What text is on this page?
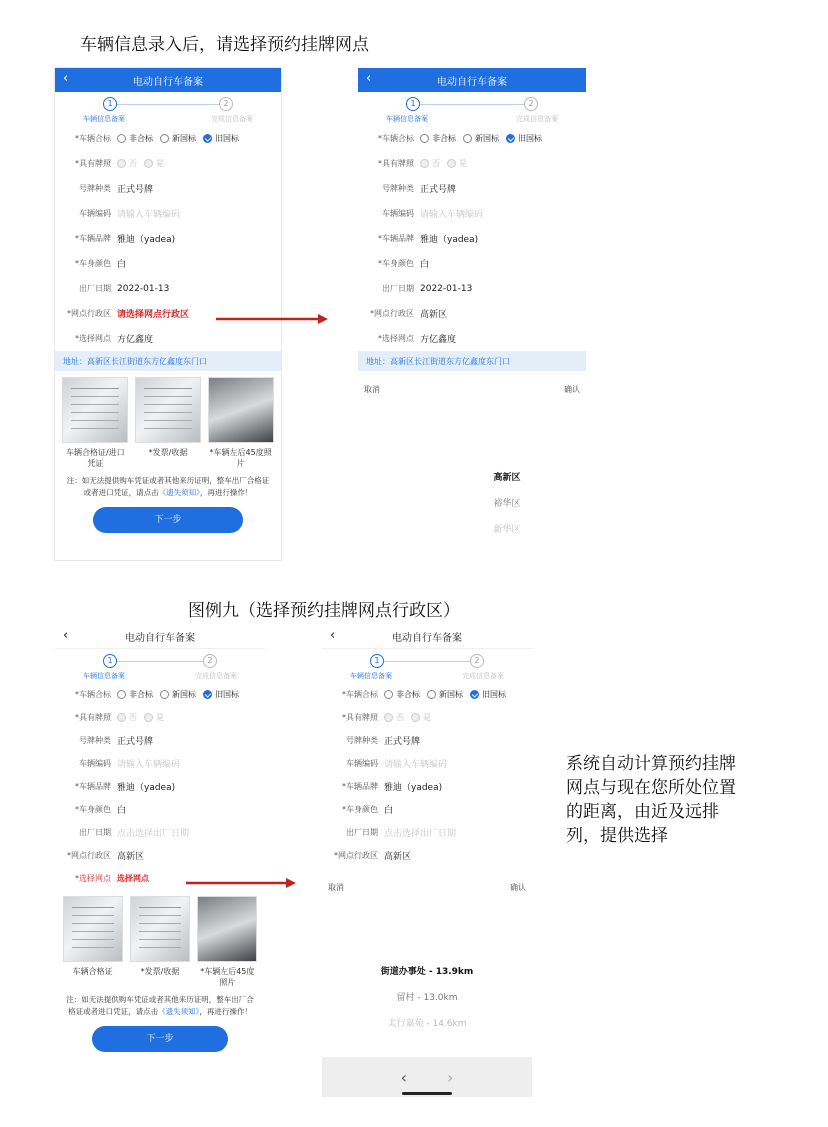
车辆信息录入后，请选择预约挂牌网点
‹	电动自行车备案
1	2
车辆信息备案	完成信息备案
* 车辆合标	非合标 新国标 旧国标
* 具有牌照	否 是
号牌种类 正式号牌
车辆编码 请输入车辆编码
* 车辆品牌 雅迪（yadea)
* 车身颜色 白
出厂日期 2022-01-13
* 网点行政区 请选择网点行政区
* 选择网点 方亿鑫度
地址：高新区长江街道东方亿鑫度东门口
车辆合格证/进口凭证
*发票/收据	*车辆左后45度照片
注：如无法提供购车凭证或者其他来历证明，整车出厂合格证或者进口凭证，请点击《遗失须知》，再进行操作！
下一步
‹	电动自行车备案
1	2
车辆信息备案	完成信息备案
* 车辆合标	非合标 新国标 旧国标
* 具有牌照	否 是
号牌种类 正式号牌
车辆编码 请输入车辆编码
* 车辆品牌 雅迪（yadea)
* 车身颜色 白
出厂日期 2022-01-13
* 网点行政区 高新区
* 选择网点 方亿鑫度
地址：高新区长江街道东方亿鑫度东门口
取消	确认
高新区
裕华区
新华区
图例九（选择预约挂牌网点行政区）
‹	电动自行车备案
1	2
车辆信息备案	完成信息备案
* 车辆合标	非合标 新国标 旧国标
* 具有牌照	否 是
号牌种类 正式号牌
车辆编码 请输入车辆编码
* 车辆品牌 雅迪（yadea)
* 车身颜色 白
出厂日期 点击选择出厂日期
* 网点行政区 高新区
* 选择网点 选择网点
车辆合格证	*发票/收据	*车辆左后45度照片
注：如无法提供购车凭证或者其他来历证明，整车出厂合格证或者进口凭证，请点击《遗失须知》，再进行操作！
下一步
‹	电动自行车备案
1	2
车辆信息备案	完成信息备案
* 车辆合标	非合标 新国标 旧国标
* 具有牌照	否 是
号牌种类 正式号牌
车辆编码 请输入车辆编码
* 车辆品牌 雅迪（yadea)
* 车身颜色 白
出厂日期 点击选择出厂日期
* 网点行政区 高新区
取消	确认
街道办事处 - 13.9km
留村 - 13.0km
太行嘉苑 - 14.6km
‹	›
系统自动计算预约挂牌网点与现在您所处位置的距离，由近及远排列，提供选择
